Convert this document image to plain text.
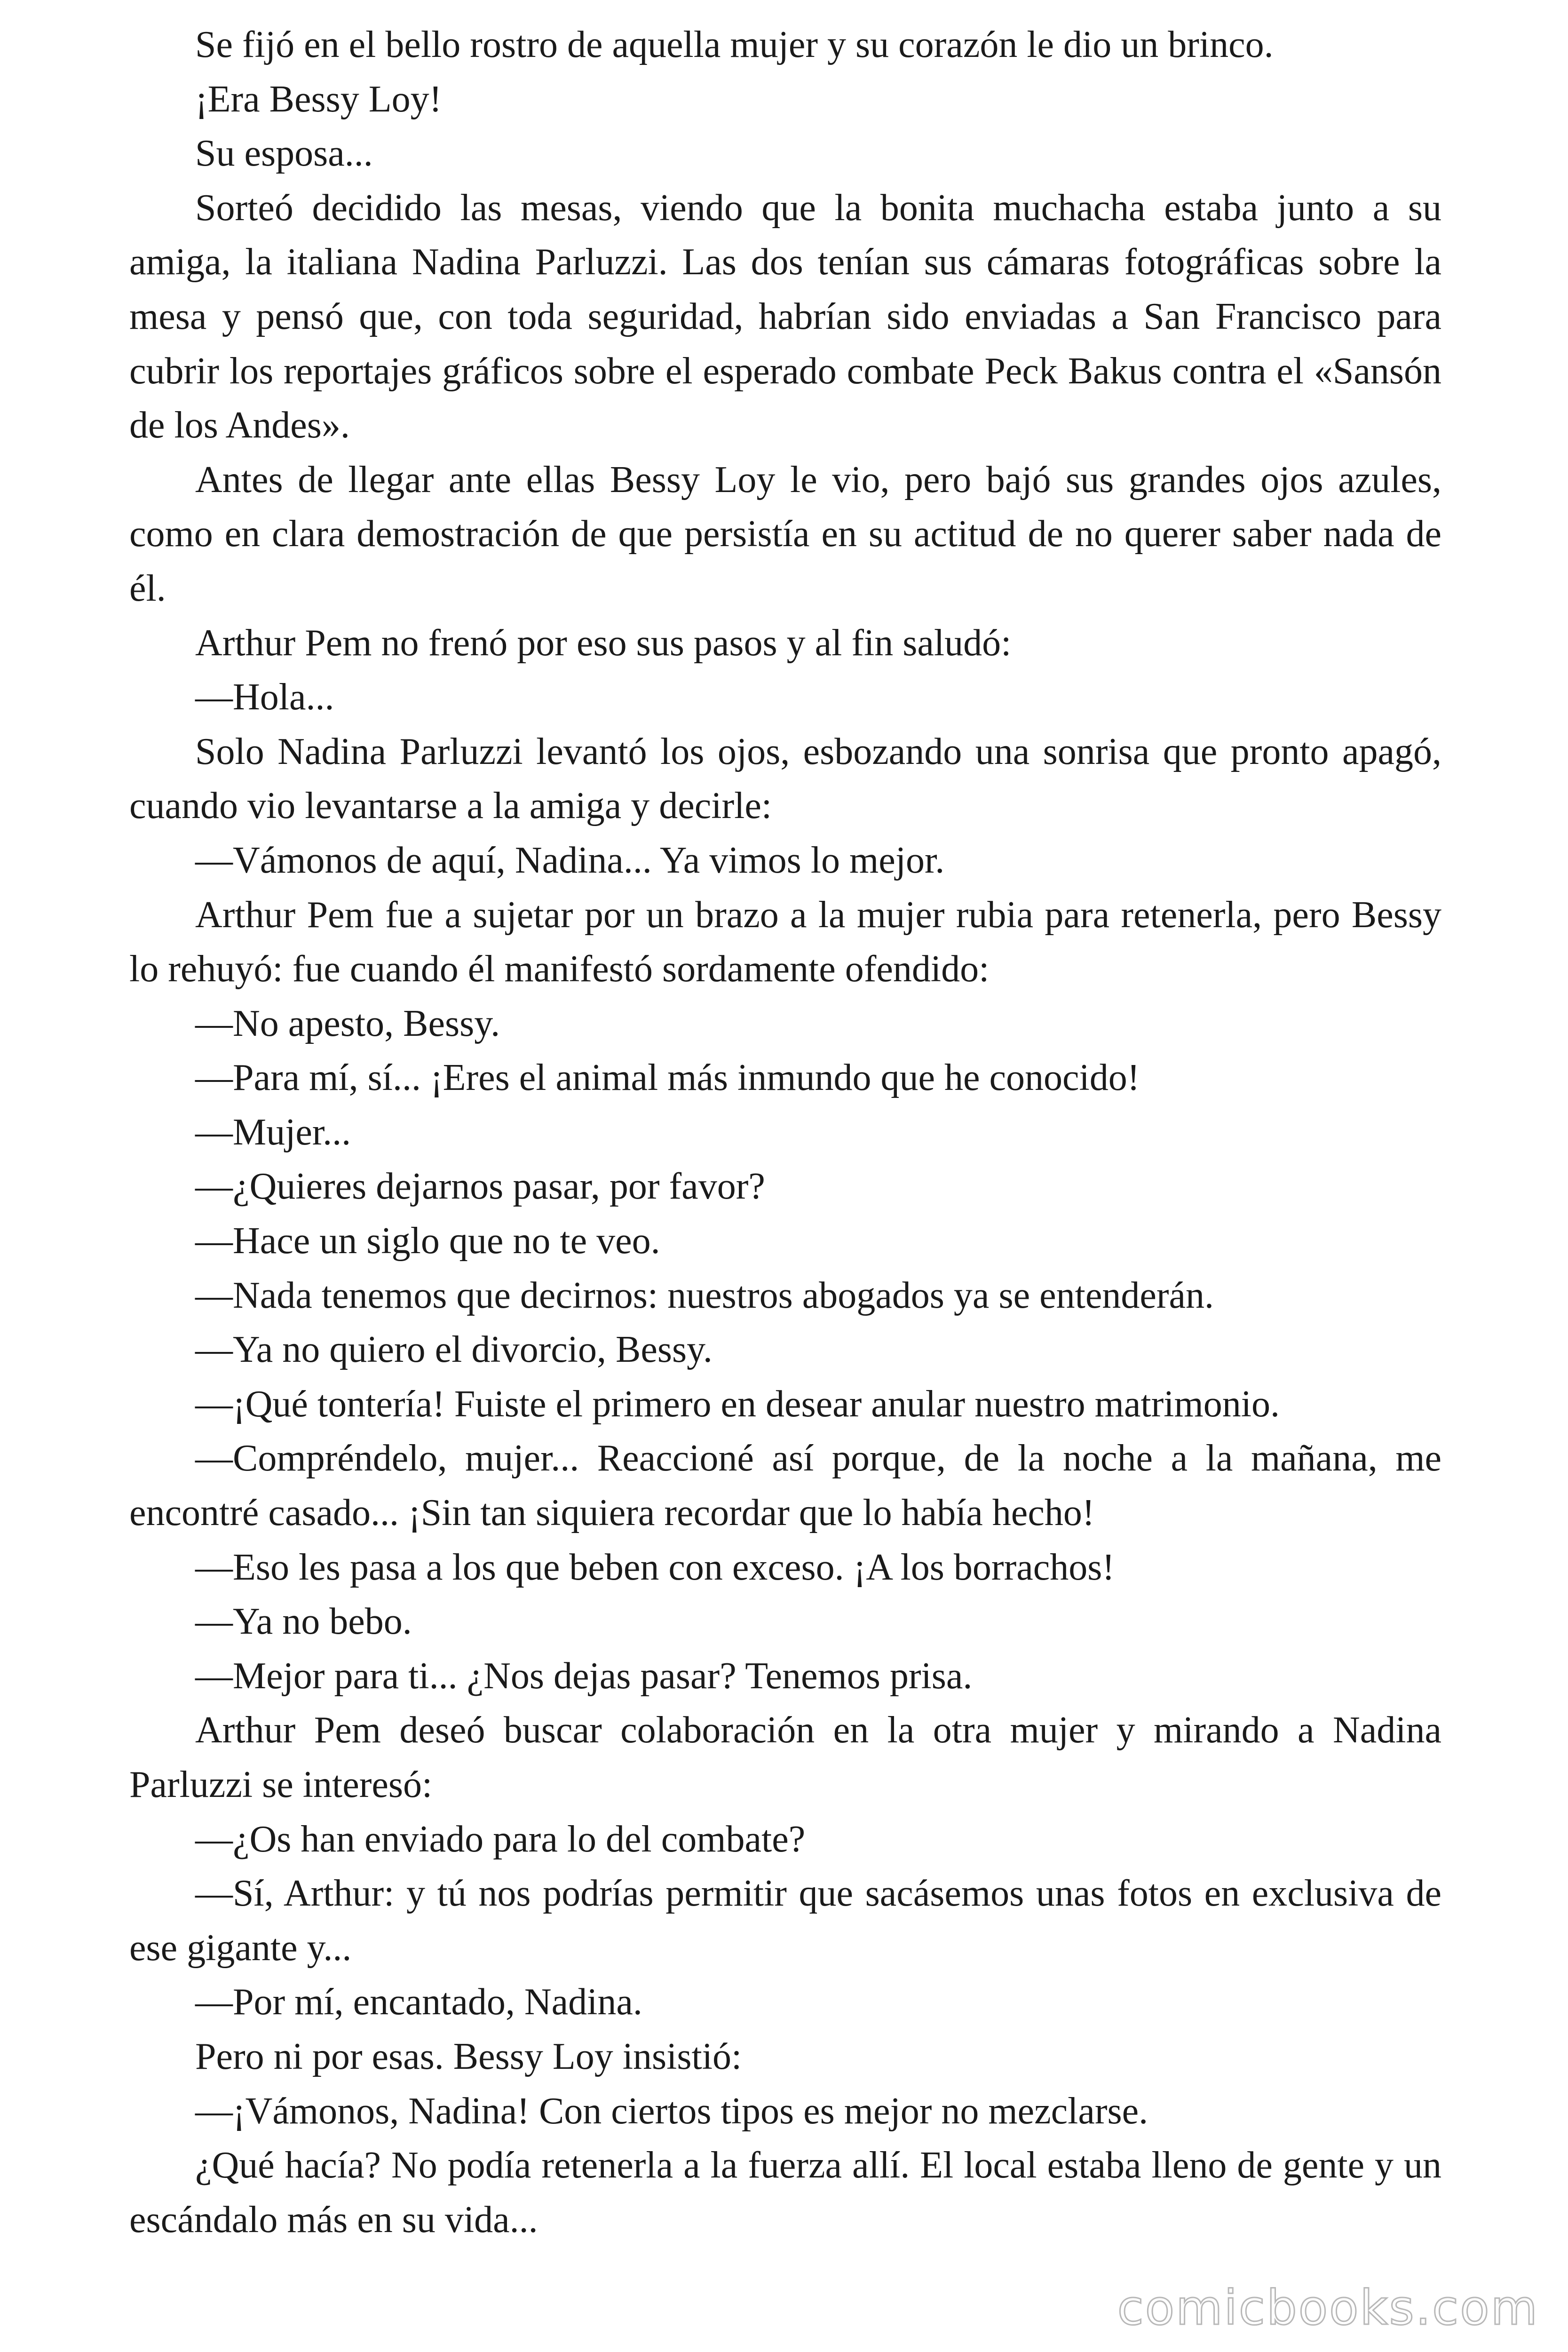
Se fijó en el bello rostro de aquella mujer y su corazón le dio un brinco.

¡Era Bessy Loy!

Su esposa...

Sorteó decidido las mesas, viendo que la bonita muchacha estaba junto a su amiga, la italiana Nadina Parluzzi. Las dos tenían sus cámaras fotográficas sobre la mesa y pensó que, con toda seguridad, habrían sido enviadas a San Francisco para cubrir los reportajes gráficos sobre el esperado combate Peck Bakus contra el «Sansón de los Andes».

Antes de llegar ante ellas Bessy Loy le vio, pero bajó sus grandes ojos azules, como en clara demostración de que persistía en su actitud de no querer saber nada de él.

Arthur Pem no frenó por eso sus pasos y al fin saludó:

—Hola...

Solo Nadina Parluzzi levantó los ojos, esbozando una sonrisa que pronto apagó, cuando vio levantarse a la amiga y decirle:

—Vámonos de aquí, Nadina... Ya vimos lo mejor.

Arthur Pem fue a sujetar por un brazo a la mujer rubia para retenerla, pero Bessy lo rehuyó: fue cuando él manifestó sordamente ofendido:

—No apesto, Bessy.

—Para mí, sí... ¡Eres el animal más inmundo que he conocido!

—Mujer...

—¿Quieres dejarnos pasar, por favor?

—Hace un siglo que no te veo.

—Nada tenemos que decirnos: nuestros abogados ya se entenderán.

—Ya no quiero el divorcio, Bessy.

—¡Qué tontería! Fuiste el primero en desear anular nuestro matrimonio.

—Compréndelo, mujer... Reaccioné así porque, de la noche a la mañana, me encontré casado... ¡Sin tan siquiera recordar que lo había hecho!

—Eso les pasa a los que beben con exceso. ¡A los borrachos!

—Ya no bebo.

—Mejor para ti... ¿Nos dejas pasar? Tenemos prisa.

Arthur Pem deseó buscar colaboración en la otra mujer y mirando a Nadina Parluzzi se interesó:

—¿Os han enviado para lo del combate?

—Sí, Arthur: y tú nos podrías permitir que sacásemos unas fotos en exclusiva de ese gigante y...

—Por mí, encantado, Nadina.

Pero ni por esas. Bessy Loy insistió:

—¡Vámonos, Nadina! Con ciertos tipos es mejor no mezclarse.

¿Qué hacía? No podía retenerla a la fuerza allí. El local estaba lleno de gente y un escándalo más en su vida...

comicbooks.com
